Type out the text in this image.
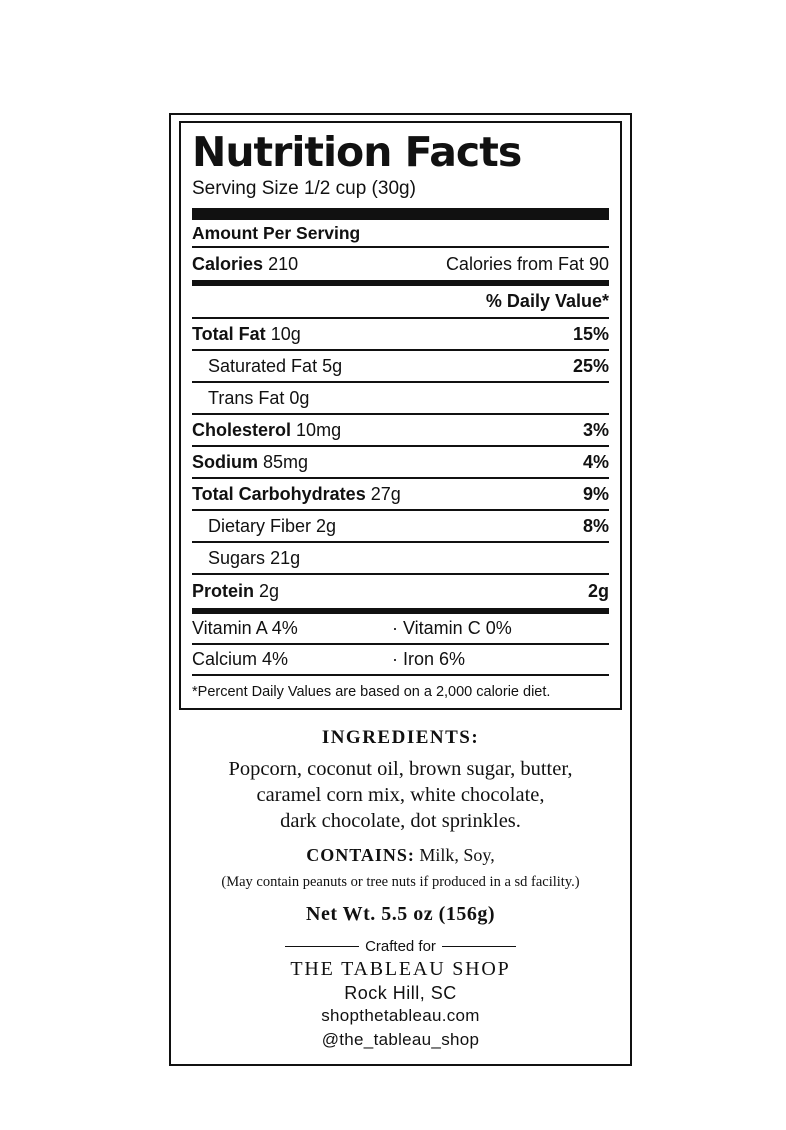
Nutrition Facts
Serving Size 1/2 cup (30g)
Amount Per Serving
Calories 210	Calories from Fat 90
% Daily Value*
Total Fat 10g	15%
Saturated Fat 5g	25%
Trans Fat 0g
Cholesterol 10mg	3%
Sodium 85mg	4%
Total Carbohydrates 27g	9%
Dietary Fiber 2g	8%
Sugars 21g
Protein 2g	2g
Vitamin A 4%	· Vitamin C 0%
Calcium 4%	· Iron 6%
*Percent Daily Values are based on a 2,000 calorie diet.
INGREDIENTS:
Popcorn, coconut oil, brown sugar, butter,
caramel corn mix, white chocolate,
dark chocolate, dot sprinkles.
CONTAINS: Milk, Soy,
(May contain peanuts or tree nuts if produced in a sd facility.)
Net Wt. 5.5 oz (156g)
Crafted for
THE TABLEAU SHOP
Rock Hill, SC
shopthetableau.com
@the_tableau_shop
